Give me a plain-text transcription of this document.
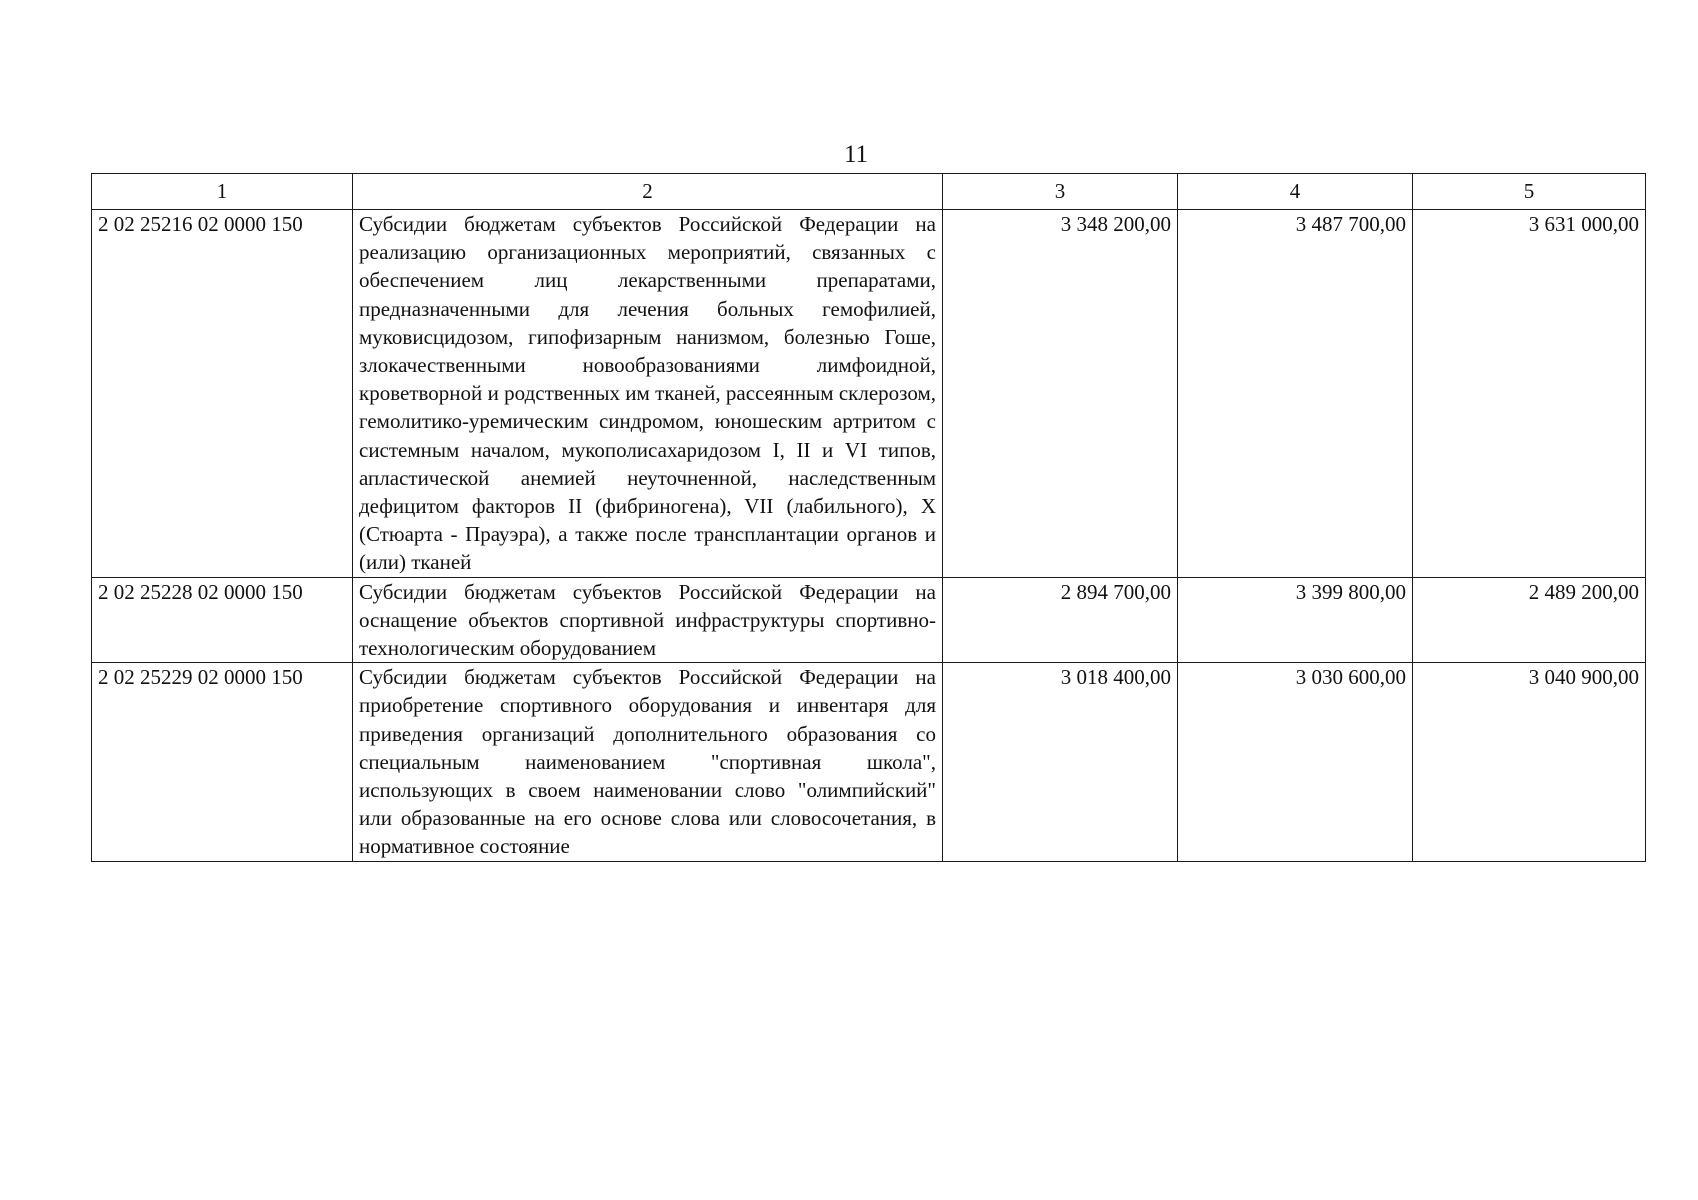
11
1	2	3	4	5
2 02 25216 02 0000 150	Субсидии бюджетам субъектов Российской Федерации на реализацию организационных мероприятий, связанных с обеспечением лиц лекарственными препаратами, предназначенными для лечения больных гемофилией, муковисцидозом, гипофизарным нанизмом, болезнью Гоше, злокачественными новообразованиями лимфоидной, кроветворной и родственных им тканей, рассеянным склерозом, гемолитико-уремическим синдромом, юношеским артритом с системным началом, мукополисахаридозом I, II и VI типов, апластической анемией неуточненной, наследственным дефицитом факторов II (фибриногена), VII (лабильного), X (Стюарта - Прауэра), а также после трансплантации органов и (или) тканей	3 348 200,00	3 487 700,00	3 631 000,00
2 02 25228 02 0000 150	Субсидии бюджетам субъектов Российской Федерации на оснащение объектов спортивной инфраструктуры спортивно-технологическим оборудованием	2 894 700,00	3 399 800,00	2 489 200,00
2 02 25229 02 0000 150	Субсидии бюджетам субъектов Российской Федерации на приобретение спортивного оборудования и инвентаря для приведения организаций дополнительного образования со специальным наименованием "спортивная школа", использующих в своем наименовании слово "олимпийский" или образованные на его основе слова или словосочетания, в нормативное состояние	3 018 400,00	3 030 600,00	3 040 900,00
